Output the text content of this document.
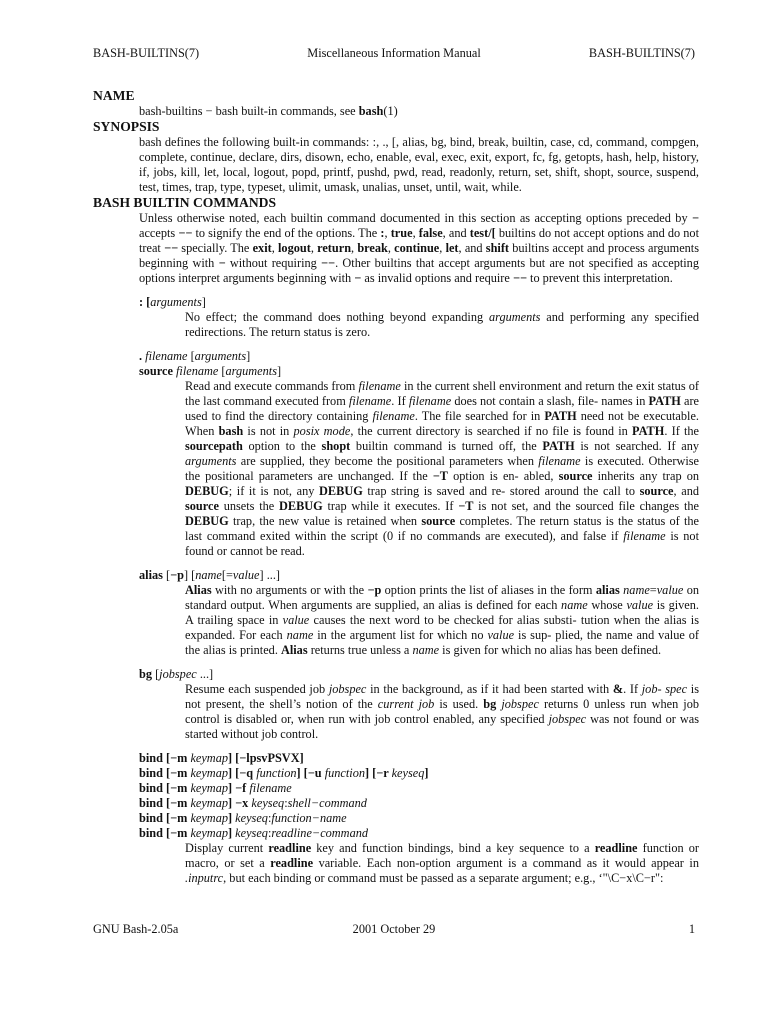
BASH-BUILTINS(7)	Miscellaneous Information Manual	BASH-BUILTINS(7)
NAME
bash-builtins − bash built-in commands, see bash(1)
SYNOPSIS
bash defines the following built-in commands: :, ., [, alias, bg, bind, break, builtin, case, cd, command, compgen, complete, continue, declare, dirs, disown, echo, enable, eval, exec, exit, export, fc, fg, getopts, hash, help, history, if, jobs, kill, let, local, logout, popd, printf, pushd, pwd, read, readonly, return, set, shift, shopt, source, suspend, test, times, trap, type, typeset, ulimit, umask, unalias, unset, until, wait, while.
BASH BUILTIN COMMANDS
Unless otherwise noted, each builtin command documented in this section as accepting options preceded by − accepts −− to signify the end of the options. The :, true, false, and test/[ builtins do not accept options and do not treat −− specially. The exit, logout, return, break, continue, let, and shift builtins accept and process arguments beginning with − without requiring −−. Other builtins that accept arguments but are not specified as accepting options interpret arguments beginning with − as invalid options and require −− to prevent this interpretation.
: [arguments]
No effect; the command does nothing beyond expanding arguments and performing any specified redirections. The return status is zero.
. filename [arguments]
source filename [arguments]
Read and execute commands from filename in the current shell environment and return the exit status of the last command executed from filename. If filename does not contain a slash, file- names in PATH are used to find the directory containing filename. The file searched for in PATH need not be executable. When bash is not in posix mode, the current directory is searched if no file is found in PATH. If the sourcepath option to the shopt builtin command is turned off, the PATH is not searched. If any arguments are supplied, they become the positional parameters when filename is executed. Otherwise the positional parameters are unchanged. If the −T option is en- abled, source inherits any trap on DEBUG; if it is not, any DEBUG trap string is saved and re- stored around the call to source, and source unsets the DEBUG trap while it executes. If −T is not set, and the sourced file changes the DEBUG trap, the new value is retained when source completes. The return status is the status of the last command exited within the script (0 if no commands are executed), and false if filename is not found or cannot be read.
alias [−p] [name[=value] ...]
Alias with no arguments or with the −p option prints the list of aliases in the form alias name=value on standard output. When arguments are supplied, an alias is defined for each name whose value is given. A trailing space in value causes the next word to be checked for alias substi- tution when the alias is expanded. For each name in the argument list for which no value is sup- plied, the name and value of the alias is printed. Alias returns true unless a name is given for which no alias has been defined.
bg [jobspec ...]
Resume each suspended job jobspec in the background, as if it had been started with &. If job- spec is not present, the shell’s notion of the current job is used. bg jobspec returns 0 unless run when job control is disabled or, when run with job control enabled, any specified jobspec was not found or was started without job control.
bind [−m keymap] [−lpsvPSVX]
bind [−m keymap] [−q function] [−u function] [−r keyseq]
bind [−m keymap] −f filename
bind [−m keymap] −x keyseq:shell−command
bind [−m keymap] keyseq:function−name
bind [−m keymap] keyseq:readline−command
Display current readline key and function bindings, bind a key sequence to a readline function or macro, or set a readline variable. Each non-option argument is a command as it would appear in .inputrc, but each binding or command must be passed as a separate argument; e.g., ‘"\C−x\C−r":
GNU Bash-2.05a	2001 October 29	1
